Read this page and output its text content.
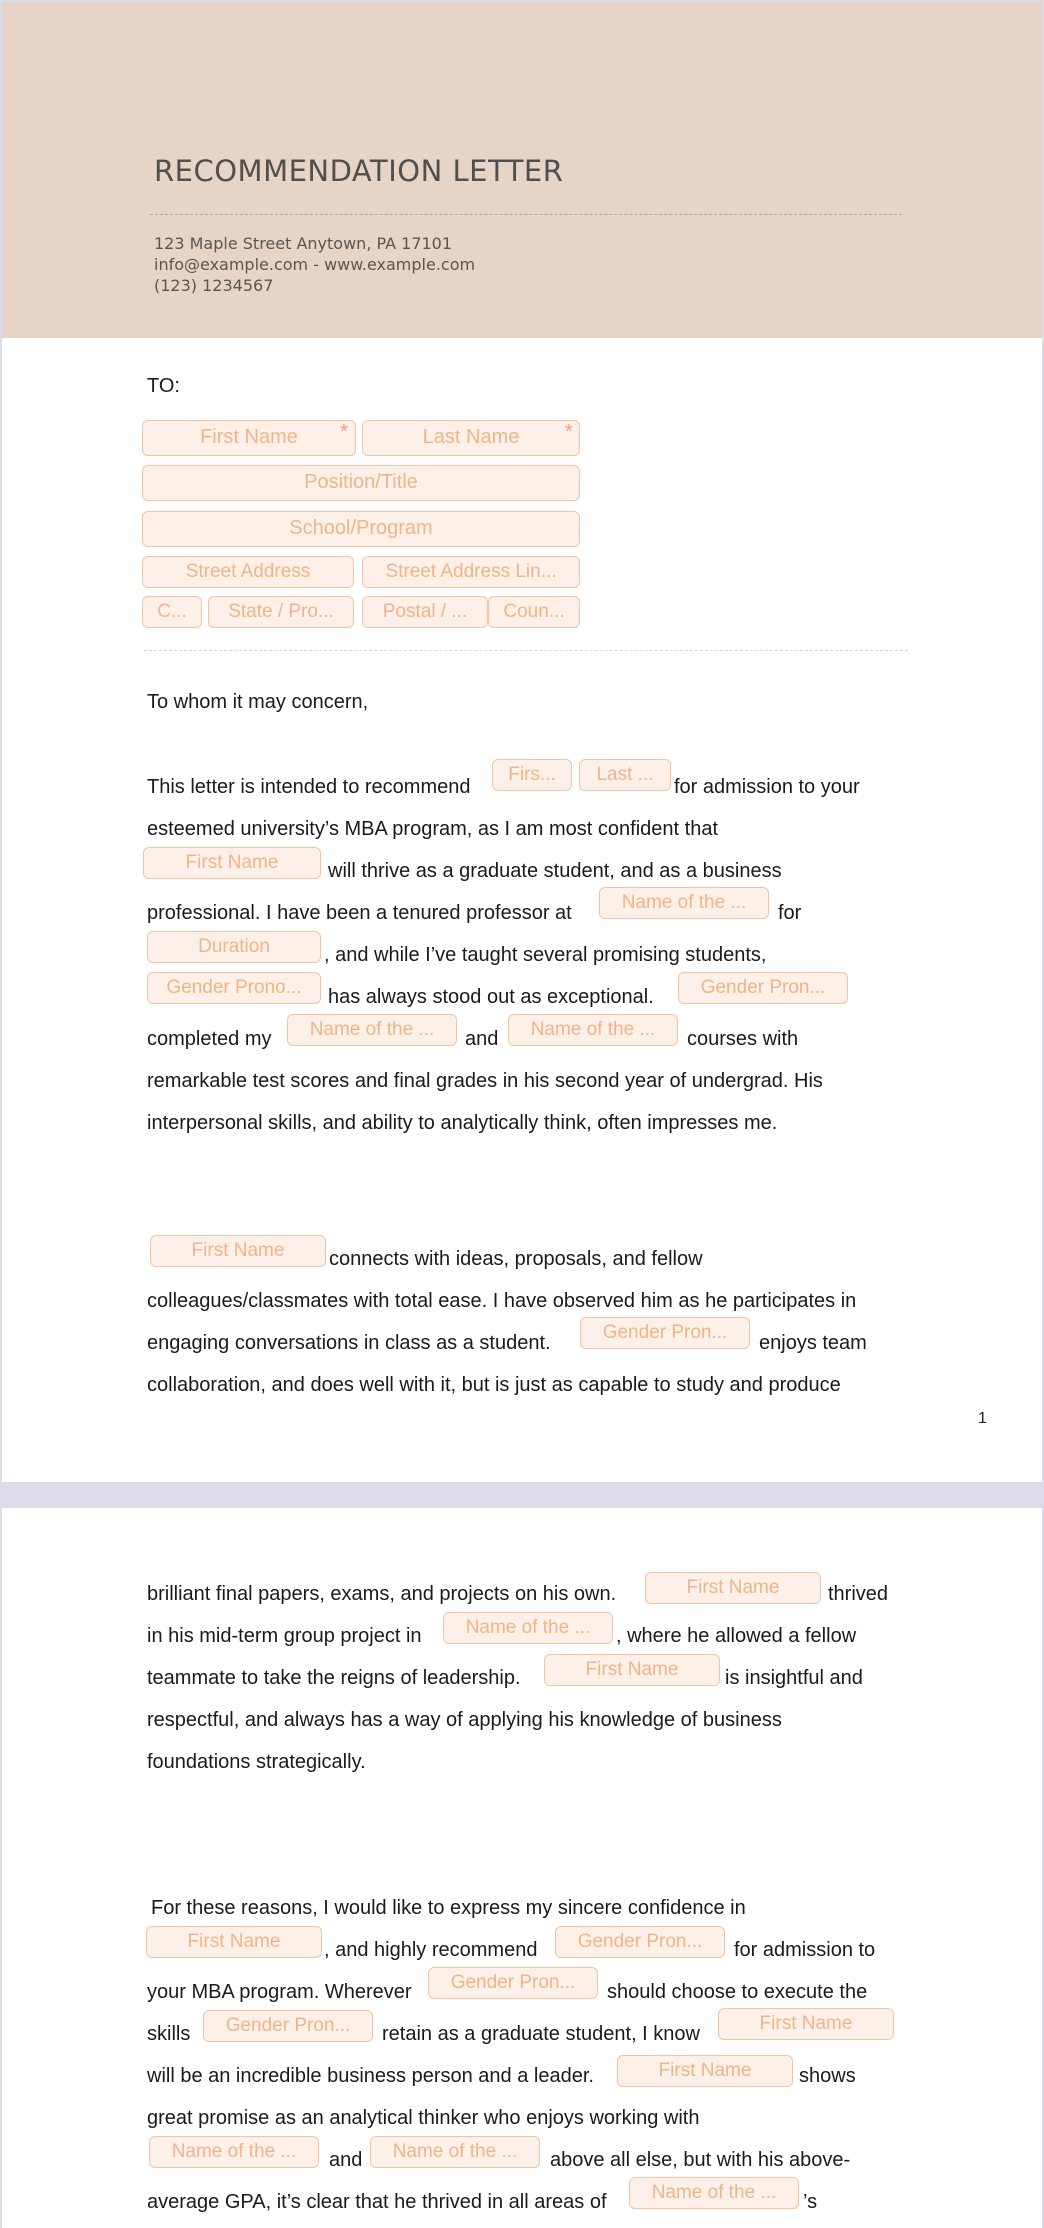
RECOMMENDATION LETTER
123 Maple Street Anytown, PA 17101
info@example.com - www.example.com
(123) 1234567
TO:
First Name	*	Last Name	*
Position/Title
School/Program
Street Address	Street Address Lin...
C...	State / Pro...	Postal / ...	Coun...
To whom it may concern,
This letter is intended to recommend
Firs...	Last ...
for admission to your
esteemed university’s MBA program, as I am most confident that
First Name	will thrive as a graduate student, and as a business
professional. I have been a tenured professor at	Name of the ...	for
Duration	, and while I’ve taught several promising students,
Gender Prono...	has always stood out as exceptional.	Gender Pron...
completed my	Name of the ...	and	Name of the ...	courses with
remarkable test scores and final grades in his second year of undergrad. His
interpersonal skills, and ability to analytically think, often impresses me.
First Name	connects with ideas, proposals, and fellow
colleagues/classmates with total ease. I have observed him as he participates in
engaging conversations in class as a student.	Gender Pron...	enjoys team
collaboration, and does well with it, but is just as capable to study and produce
1
brilliant final papers, exams, and projects on his own.	First Name	thrived
in his mid-term group project in	Name of the ...	, where he allowed a fellow
teammate to take the reigns of leadership.	First Name	is insightful and
respectful, and always has a way of applying his knowledge of business
foundations strategically.
For these reasons, I would like to express my sincere confidence in
First Name	, and highly recommend	Gender Pron...	for admission to
your MBA program. Wherever	Gender Pron...	should choose to execute the
skills	Gender Pron...	retain as a graduate student, I know	First Name
will be an incredible business person and a leader.	First Name	shows
great promise as an analytical thinker who enjoys working with
Name of the ...	and	Name of the ...	above all else, but with his above-
average GPA, it’s clear that he thrived in all areas of	Name of the ...	’s
